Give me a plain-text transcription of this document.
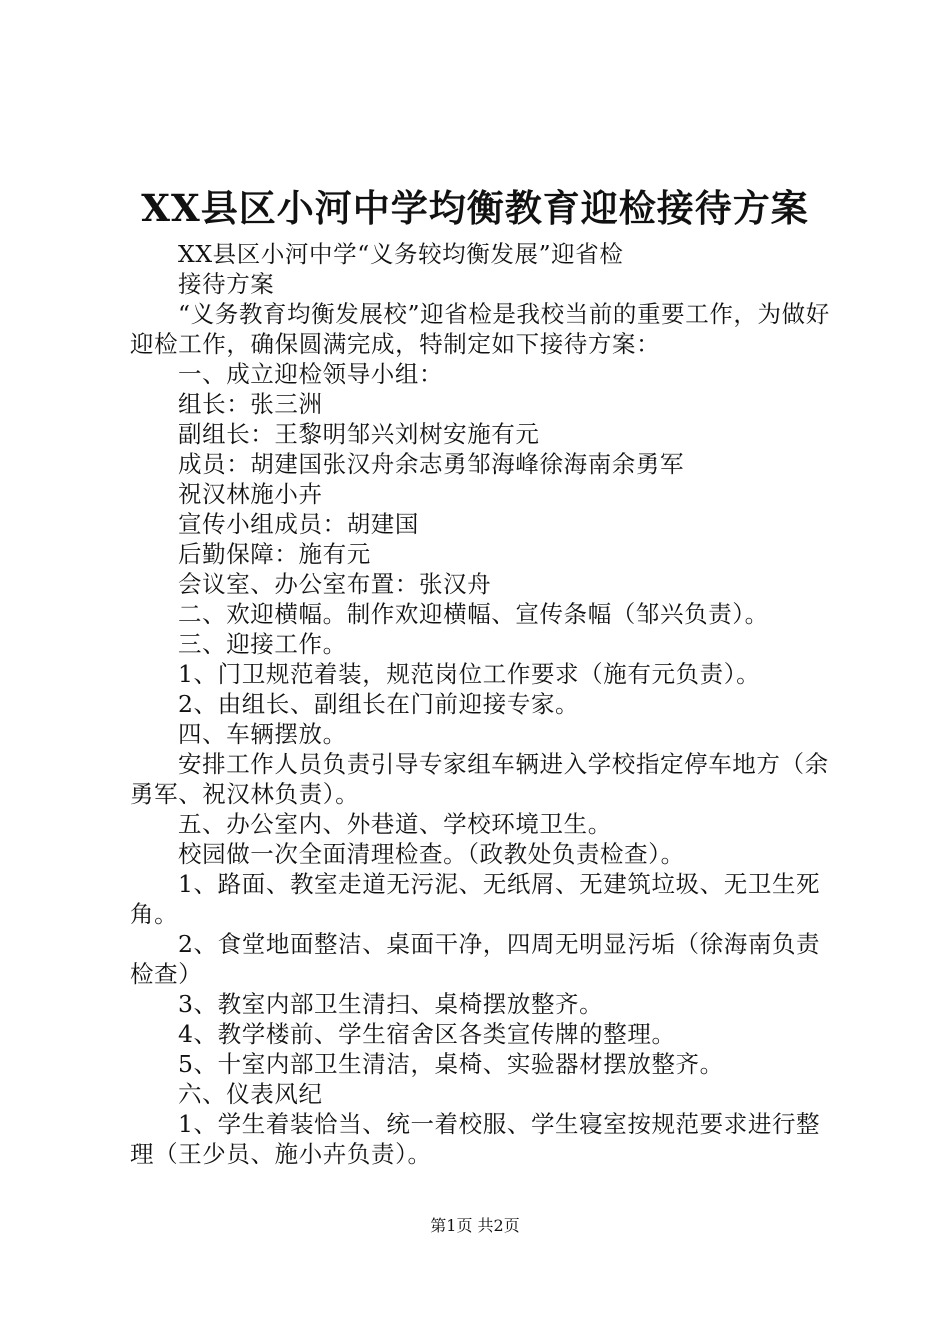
XX县区小河中学均衡教育迎检接待方案

XX县区小河中学“义务较均衡发展”迎省检

接待方案

“义务教育均衡发展校”迎省检是我校当前的重要工作，为做好迎检工作，确保圆满完成，特制定如下接待方案：

一、成立迎检领导小组：

组长：张三洲

副组长：王黎明邹兴刘树安施有元

成员：胡建国张汉舟余志勇邹海峰徐海南余勇军

祝汉林施小卉

宣传小组成员：胡建国

后勤保障：施有元

会议室、办公室布置：张汉舟

二、欢迎横幅。制作欢迎横幅、宣传条幅（邹兴负责）。

三、迎接工作。

1、门卫规范着装，规范岗位工作要求（施有元负责）。

2、由组长、副组长在门前迎接专家。

四、车辆摆放。

安排工作人员负责引导专家组车辆进入学校指定停车地方（余勇军、祝汉林负责）。

五、办公室内、外巷道、学校环境卫生。

校园做一次全面清理检查。（政教处负责检查）。

1、路面、教室走道无污泥、无纸屑、无建筑垃圾、无卫生死角。

2、食堂地面整洁、桌面干净，四周无明显污垢（徐海南负责检查）

3、教室内部卫生清扫、桌椅摆放整齐。

4、教学楼前、学生宿舍区各类宣传牌的整理。

5、十室内部卫生清洁，桌椅、实验器材摆放整齐。

六、仪表风纪

1、学生着装恰当、统一着校服、学生寝室按规范要求进行整理（王少员、施小卉负责）。

第1页 共2页
